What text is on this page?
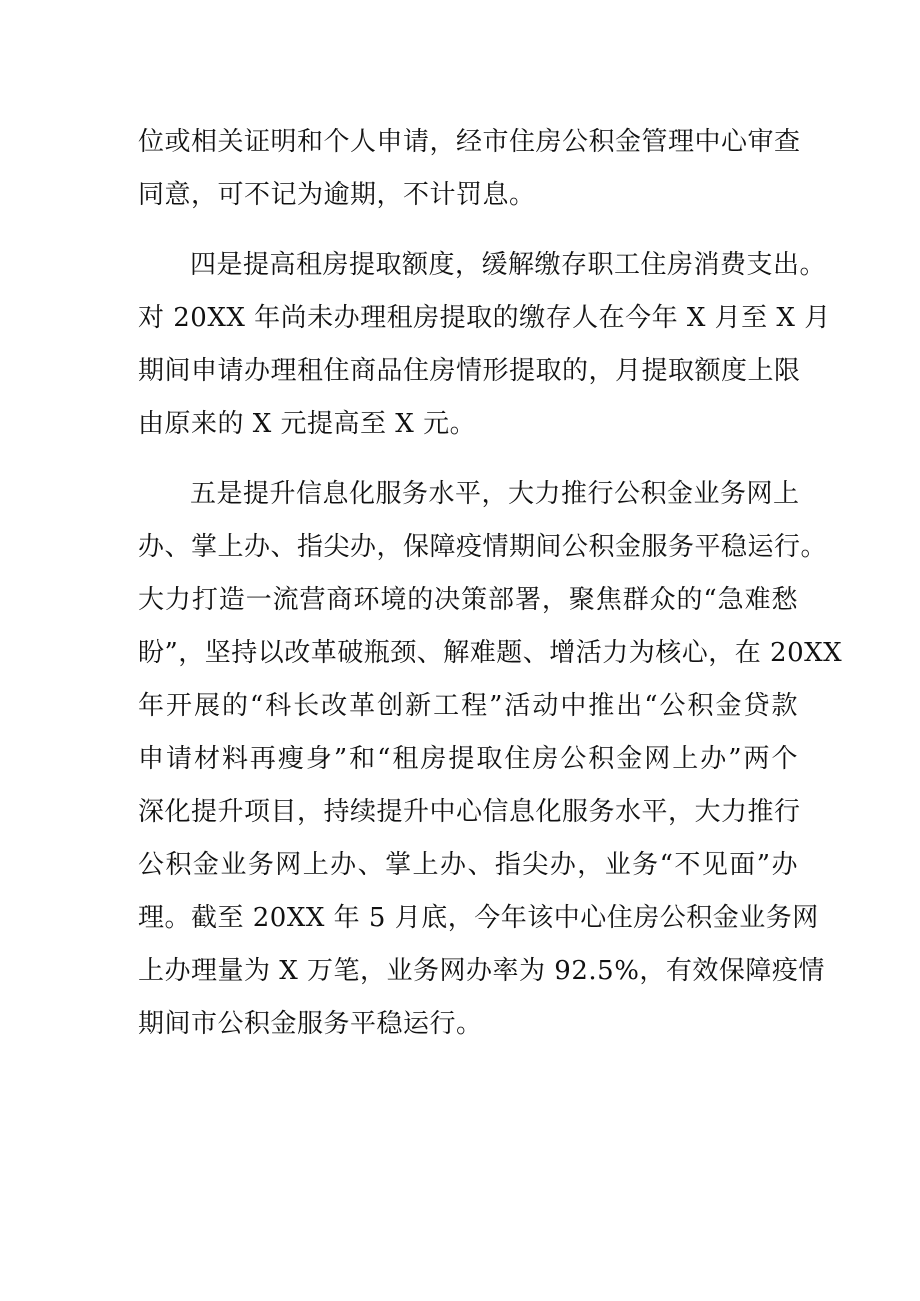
位或相关证明和个人申请，经市住房公积金管理中心审查
同意，可不记为逾期，不计罚息。
四是提高租房提取额度，缓解缴存职工住房消费支出。
对 20XX 年尚未办理租房提取的缴存人在今年 X 月至 X 月
期间申请办理租住商品住房情形提取的，月提取额度上限
由原来的 X 元提高至 X 元。
五是提升信息化服务水平，大力推行公积金业务网上
办、掌上办、指尖办，保障疫情期间公积金服务平稳运行。
大力打造一流营商环境的决策部署，聚焦群众的“急难愁
盼”，坚持以改革破瓶颈、解难题、增活力为核心，在 20XX
年开展的“科长改革创新工程”活动中推出“公积金贷款
申请材料再瘦身”和“租房提取住房公积金网上办”两个
深化提升项目，持续提升中心信息化服务水平，大力推行
公积金业务网上办、掌上办、指尖办，业务“不见面”办
理。截至 20XX 年 5 月底，今年该中心住房公积金业务网
上办理量为 X 万笔，业务网办率为 92.5%，有效保障疫情
期间市公积金服务平稳运行。
